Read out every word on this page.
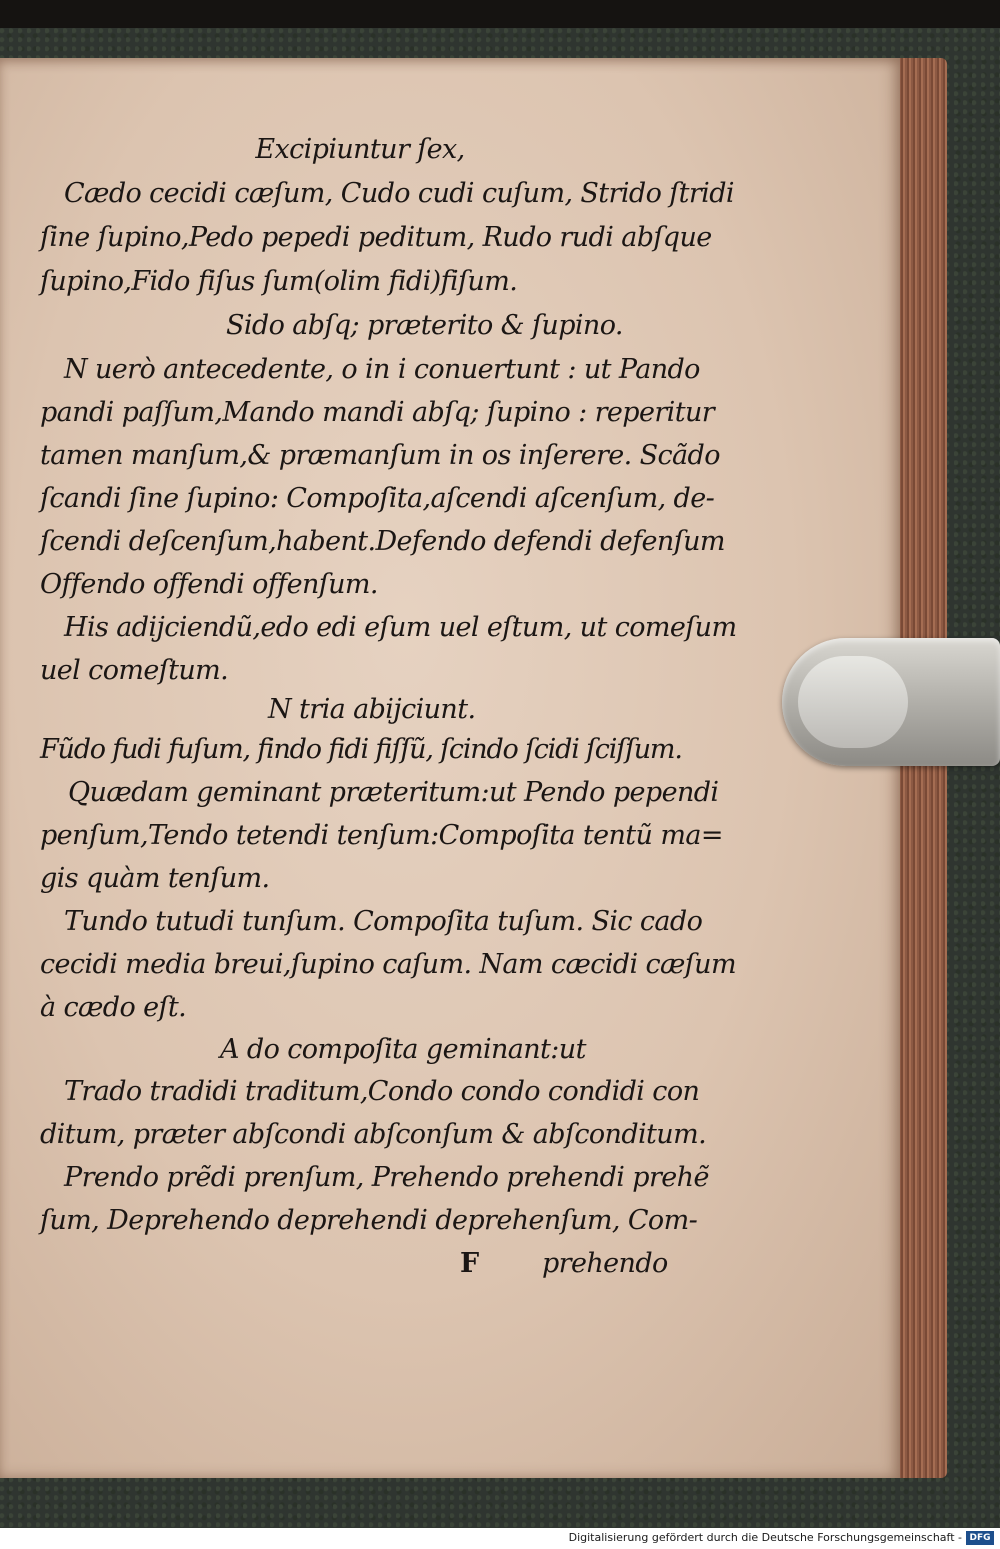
Excipiuntur ſex,
Cædo cecidi cæſum, Cudo cudi cuſum, Strido ſtridi
ſine ſupino,Pedo pepedi peditum, Rudo rudi abſque
ſupino,Fido fiſus ſum(olim fidi)fiſum.
Sido abſq; præterito & ſupino.
N uerò antecedente, o in i conuertunt : ut Pando
pandi paſſum,Mando mandi abſq; ſupino : reperitur
tamen manſum,& præmanſum in os inſerere. Scãdo
ſcandi ſine ſupino: Compoſita,aſcendi aſcenſum, de-
ſcendi deſcenſum,habent.Defendo defendi defenſum
Offendo offendi offenſum.
His adijciendũ,edo edi eſum uel eſtum, ut comeſum
uel comeſtum.
N tria abijciunt.
Fũdo fudi fuſum, findo fidi fiſſũ, ſcindo ſcidi ſciſſum.
Quædam geminant præteritum:ut Pendo pependi
penſum,Tendo tetendi tenſum:Compoſita tentũ ma=
gis quàm tenſum.
Tundo tutudi tunſum. Compoſita tuſum. Sic cado
cecidi media breui,ſupino caſum. Nam cæcidi cæſum
à cædo eſt.
A do compoſita geminant:ut
Trado tradidi traditum,Condo condo condidi con
ditum, præter abſcondi abſconſum & abſconditum.
Prendo prẽdi prenſum, Prehendo prehendi prehẽ
ſum, Deprehendo deprehendi deprehenſum, Com-
F prehendo
Digitalisierung gefördert durch die Deutsche Forschungsgemeinschaft - DFG
